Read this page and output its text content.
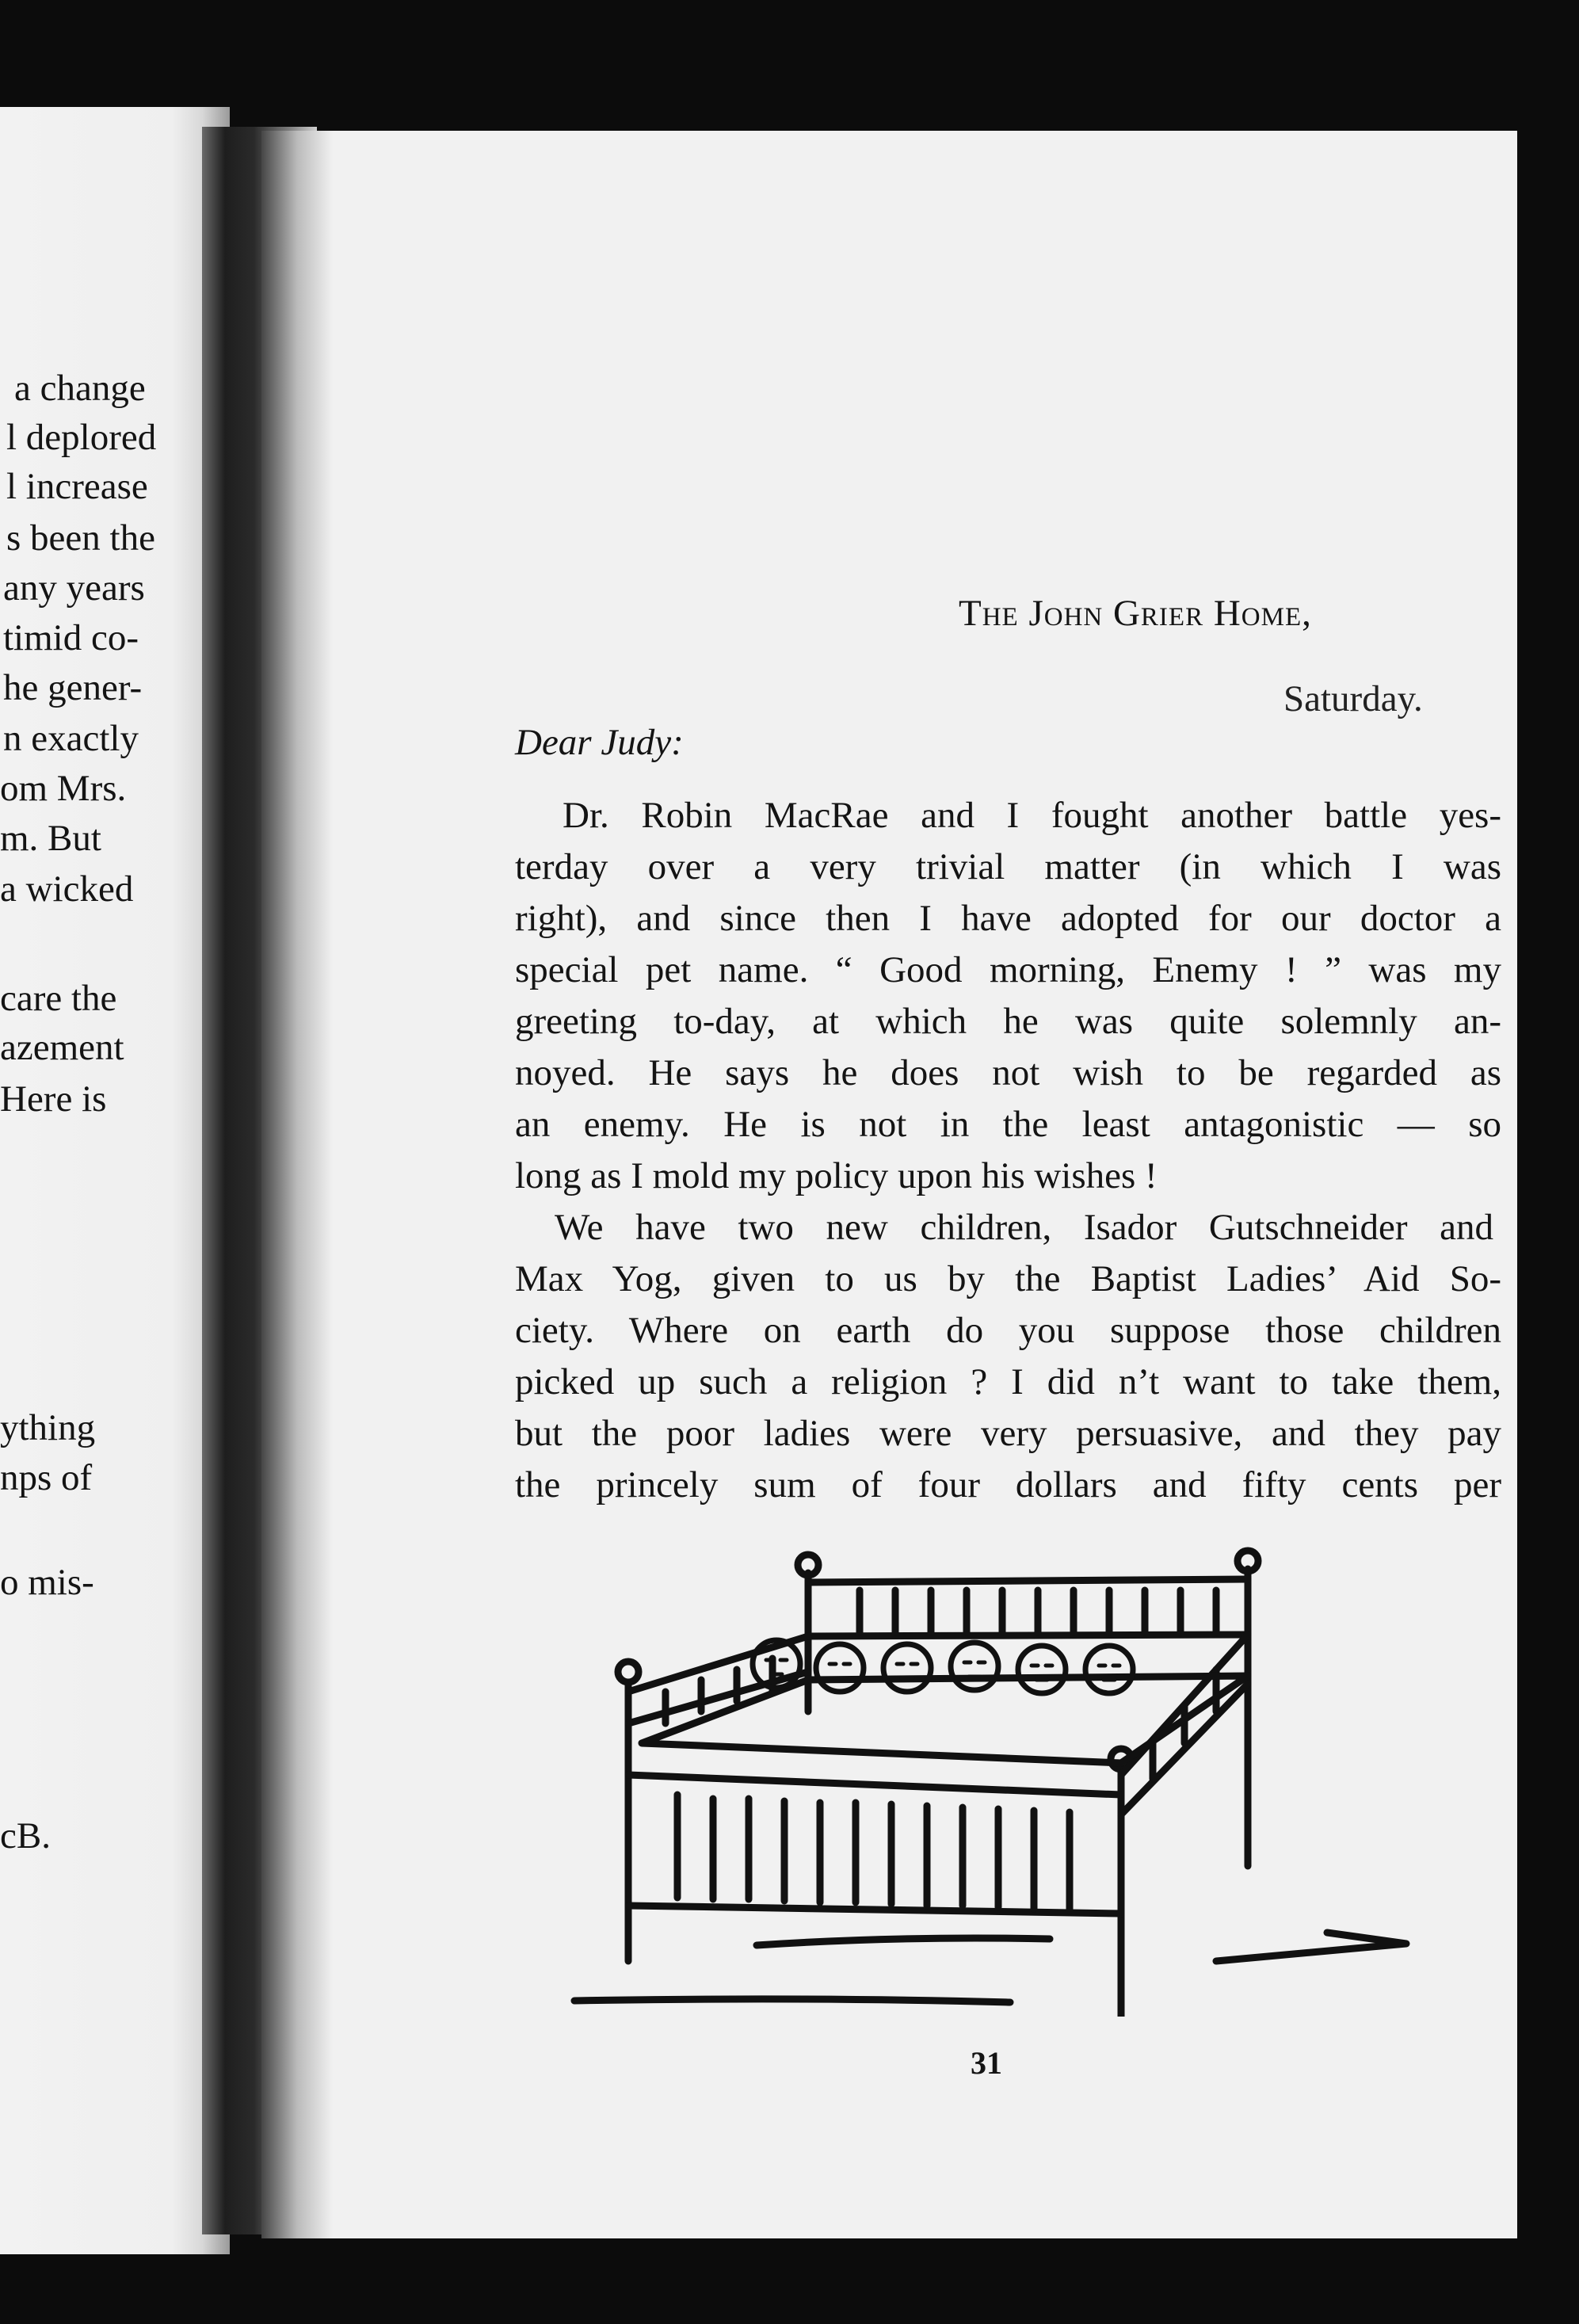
a change
l deplored
l increase
s been the
any years
timid co-
he gener-
n exactly
om Mrs.
m. But
a wicked
care the
azement
Here is
ything
nps of
o mis-
cB.
The John Grier Home,
Saturday.
Dear Judy:
Dr. Robin MacRae and I fought another battle yes-
terday over a very trivial matter (in which I was
right), and since then I have adopted for our doctor a
special pet name. “ Good morning, Enemy ! ” was my
greeting to-day, at which he was quite solemnly an-
noyed. He says he does not wish to be regarded as
an enemy. He is not in the least antagonistic — so
long as I mold my policy upon his wishes !
We have two new children, Isador Gutschneider and
Max Yog, given to us by the Baptist Ladies’ Aid So-
ciety. Where on earth do you suppose those children
picked up such a religion ? I did n’t want to take them,
but the poor ladies were very persuasive, and they pay
the princely sum of four dollars and fifty cents per
31
